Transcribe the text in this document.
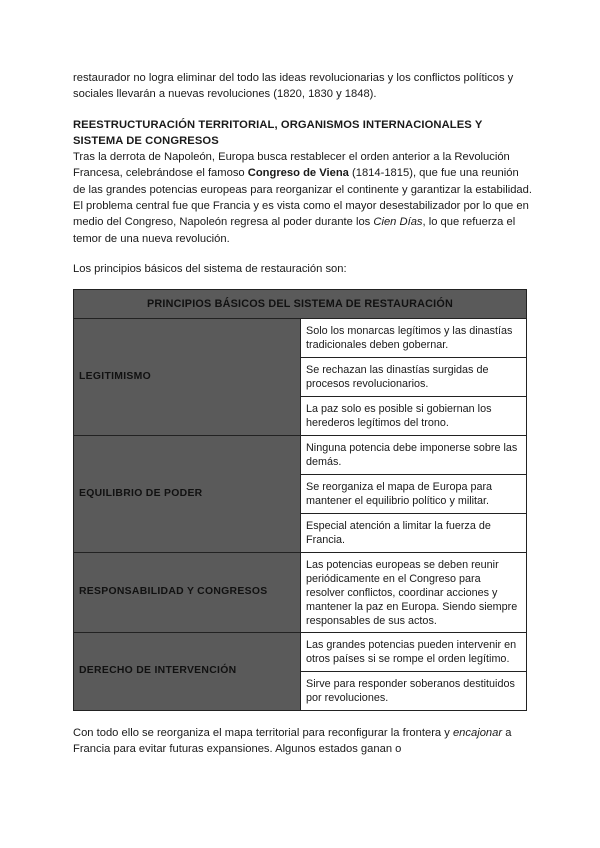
restaurador no logra eliminar del todo las ideas revolucionarias y los conflictos políticos y sociales llevarán a nuevas revoluciones (1820, 1830 y 1848).

REESTRUCTURACIÓN TERRITORIAL, ORGANISMOS INTERNACIONALES Y SISTEMA DE CONGRESOS

Tras la derrota de Napoleón, Europa busca restablecer el orden anterior a la Revolución Francesa, celebrándose el famoso Congreso de Viena (1814-1815), que fue una reunión de las grandes potencias europeas para reorganizar el continente y garantizar la estabilidad. El problema central fue que Francia y es vista como el mayor desestabilizador por lo que en medio del Congreso, Napoleón regresa al poder durante los Cien Días, lo que refuerza el temor de una nueva revolución.

Los principios básicos del sistema de restauración son:

PRINCIPIOS BÁSICOS DEL SISTEMA DE RESTAURACIÓN	
LEGITIMISMO	Solo los monarcas legítimos y las dinastías tradicionales deben gobernar.
	Se rechazan las dinastías surgidas de procesos revolucionarios.
	La paz solo es posible si gobiernan los herederos legítimos del trono.
EQUILIBRIO DE PODER	Ninguna potencia debe imponerse sobre las demás.
	Se reorganiza el mapa de Europa para mantener el equilibrio político y militar.
	Especial atención a limitar la fuerza de Francia.
RESPONSABILIDAD Y CONGRESOS	Las potencias europeas se deben reunir periódicamente en el Congreso para resolver conflictos, coordinar acciones y mantener la paz en Europa. Siendo siempre responsables de sus actos.
DERECHO DE INTERVENCIÓN	Las grandes potencias pueden intervenir en otros países si se rompe el orden legítimo.
	Sirve para responder soberanos destituidos por revoluciones.

Con todo ello se reorganiza el mapa territorial para reconfigurar la frontera y encajonar a Francia para evitar futuras expansiones. Algunos estados ganan o
